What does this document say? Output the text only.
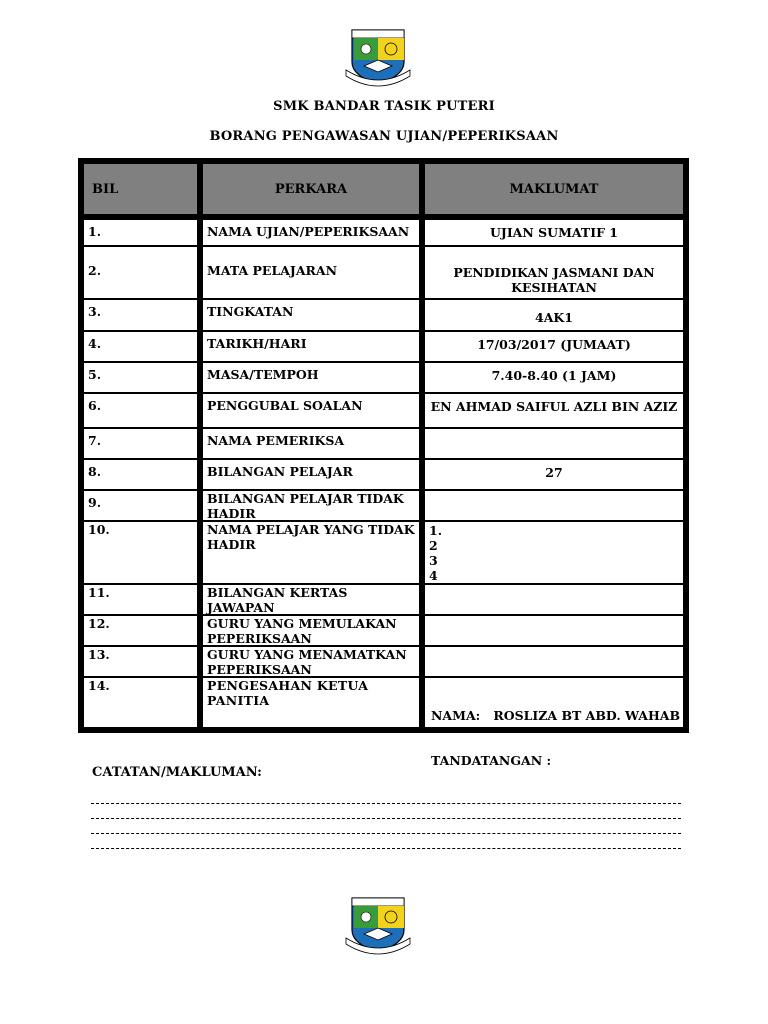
SMK BANDAR TASIK PUTERI
BORANG PENGAWASAN UJIAN/PEPERIKSAAN
BIL	PERKARA	MAKLUMAT
1.	NAMA UJIAN/PEPERIKSAAN	UJIAN SUMATIF 1
2.	MATA PELAJARAN	PENDIDIKAN JASMANI DAN KESIHATAN
3.	TINGKATAN	4AK1
4.	TARIKH/HARI	17/03/2017 (JUMAAT)
5.	MASA/TEMPOH	7.40-8.40 (1 JAM)
6.	PENGGUBAL SOALAN	EN AHMAD SAIFUL AZLI BIN AZIZ
7.	NAMA PEMERIKSA
8.	BILANGAN PELAJAR	27
9.	BILANGAN PELAJAR TIDAK HADIR
10.	NAMA PELAJAR YANG TIDAK HADIR
1.
2
3
4
11.	BILANGAN KERTAS JAWAPAN
12.	GURU YANG MEMULAKAN PEPERIKSAAN
13.	GURU YANG MENAMATKAN PEPERIKSAAN
14.	PENGESAHAN KETUA PANITIA

NAMA:   ROSLIZA BT ABD. WAHAB

TANDATANGAN :

CATATAN/MAKLUMAN:
